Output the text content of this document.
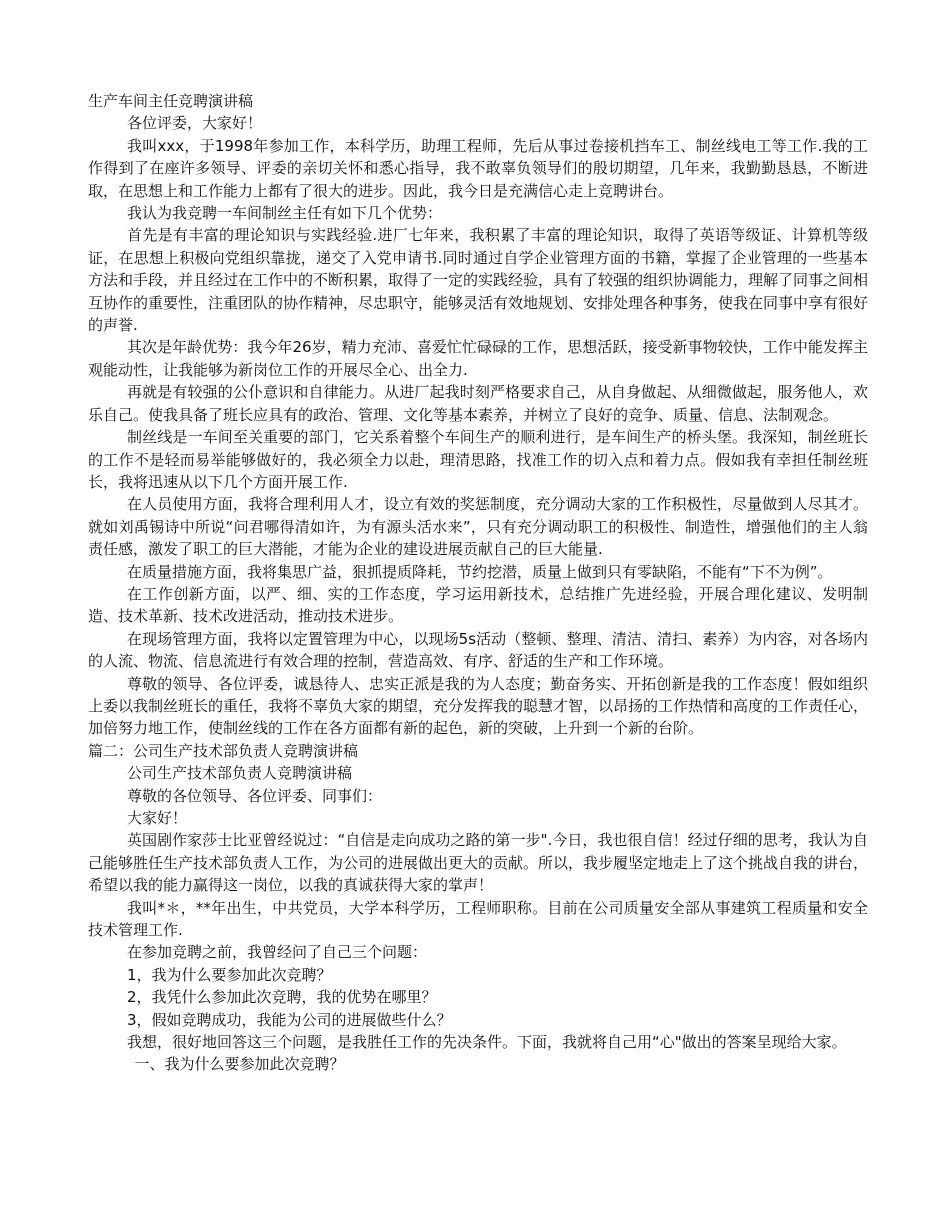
生产车间主任竞聘演讲稿

各位评委，大家好！

我叫xxx，于1998年参加工作，本科学历，助理工程师，先后从事过卷接机挡车工、制丝线电工等工作.我的工作得到了在座许多领导、评委的亲切关怀和悉心指导，我不敢辜负领导们的殷切期望，几年来，我勤勤恳恳，不断进取，在思想上和工作能力上都有了很大的进步。因此，我今日是充满信心走上竞聘讲台。

我认为我竞聘一车间制丝主任有如下几个优势：

首先是有丰富的理论知识与实践经验.进厂七年来，我积累了丰富的理论知识，取得了英语等级证、计算机等级证，在思想上积极向党组织靠拢，递交了入党申请书.同时通过自学企业管理方面的书籍，掌握了企业管理的一些基本方法和手段，并且经过在工作中的不断积累，取得了一定的实践经验，具有了较强的组织协调能力，理解了同事之间相互协作的重要性，注重团队的协作精神，尽忠职守，能够灵活有效地规划、安排处理各种事务，使我在同事中享有很好的声誉.

其次是年龄优势：我今年26岁，精力充沛、喜爱忙忙碌碌的工作，思想活跃，接受新事物较快，工作中能发挥主观能动性，让我能够为新岗位工作的开展尽全心、出全力.

再就是有较强的公仆意识和自律能力。从进厂起我时刻严格要求自己，从自身做起、从细微做起，服务他人，欢乐自己。使我具备了班长应具有的政治、管理、文化等基本素养，并树立了良好的竞争、质量、信息、法制观念。

制丝线是一车间至关重要的部门，它关系着整个车间生产的顺利进行，是车间生产的桥头堡。我深知，制丝班长的工作不是轻而易举能够做好的，我必须全力以赴，理清思路，找准工作的切入点和着力点。假如我有幸担任制丝班长，我将迅速从以下几个方面开展工作.

在人员使用方面，我将合理利用人才，设立有效的奖惩制度，充分调动大家的工作积极性，尽量做到人尽其才。就如刘禹锡诗中所说“问君哪得清如许，为有源头活水来”，只有充分调动职工的积极性、制造性，增强他们的主人翁责任感，激发了职工的巨大潜能，才能为企业的建设进展贡献自己的巨大能量.

在质量措施方面，我将集思广益，狠抓提质降耗，节约挖潜，质量上做到只有零缺陷，不能有“下不为例”。

在工作创新方面，以严、细、实的工作态度，学习运用新技术，总结推广先进经验，开展合理化建议、发明制造、技术革新、技术改进活动，推动技术进步。

在现场管理方面，我将以定置管理为中心，以现场5s活动（整顿、整理、清洁、清扫、素养）为内容，对各场内的人流、物流、信息流进行有效合理的控制，营造高效、有序、舒适的生产和工作环境。

尊敬的领导、各位评委，诚恳待人、忠实正派是我的为人态度；勤奋务实、开拓创新是我的工作态度！假如组织上委以我制丝班长的重任，我将不辜负大家的期望，充分发挥我的聪慧才智，以昂扬的工作热情和高度的工作责任心，加倍努力地工作，使制丝线的工作在各方面都有新的起色，新的突破，上升到一个新的台阶。

篇二：公司生产技术部负责人竞聘演讲稿

公司生产技术部负责人竞聘演讲稿

尊敬的各位领导、各位评委、同事们：

大家好！

英国剧作家莎士比亚曾经说过：“自信是走向成功之路的第一步".今日，我也很自信！经过仔细的思考，我认为自己能够胜任生产技术部负责人工作，为公司的进展做出更大的贡献。所以，我步履坚定地走上了这个挑战自我的讲台，希望以我的能力赢得这一岗位，以我的真诚获得大家的掌声！

我叫*＊，**年出生，中共党员，大学本科学历，工程师职称。目前在公司质量安全部从事建筑工程质量和安全技术管理工作.

在参加竞聘之前，我曾经问了自己三个问题：

1，我为什么要参加此次竞聘？

2，我凭什么参加此次竞聘，我的优势在哪里？

3，假如竞聘成功，我能为公司的进展做些什么？

我想，很好地回答这三个问题，是我胜任工作的先决条件。下面，我就将自己用“心"做出的答案呈现给大家。

一、我为什么要参加此次竞聘？
